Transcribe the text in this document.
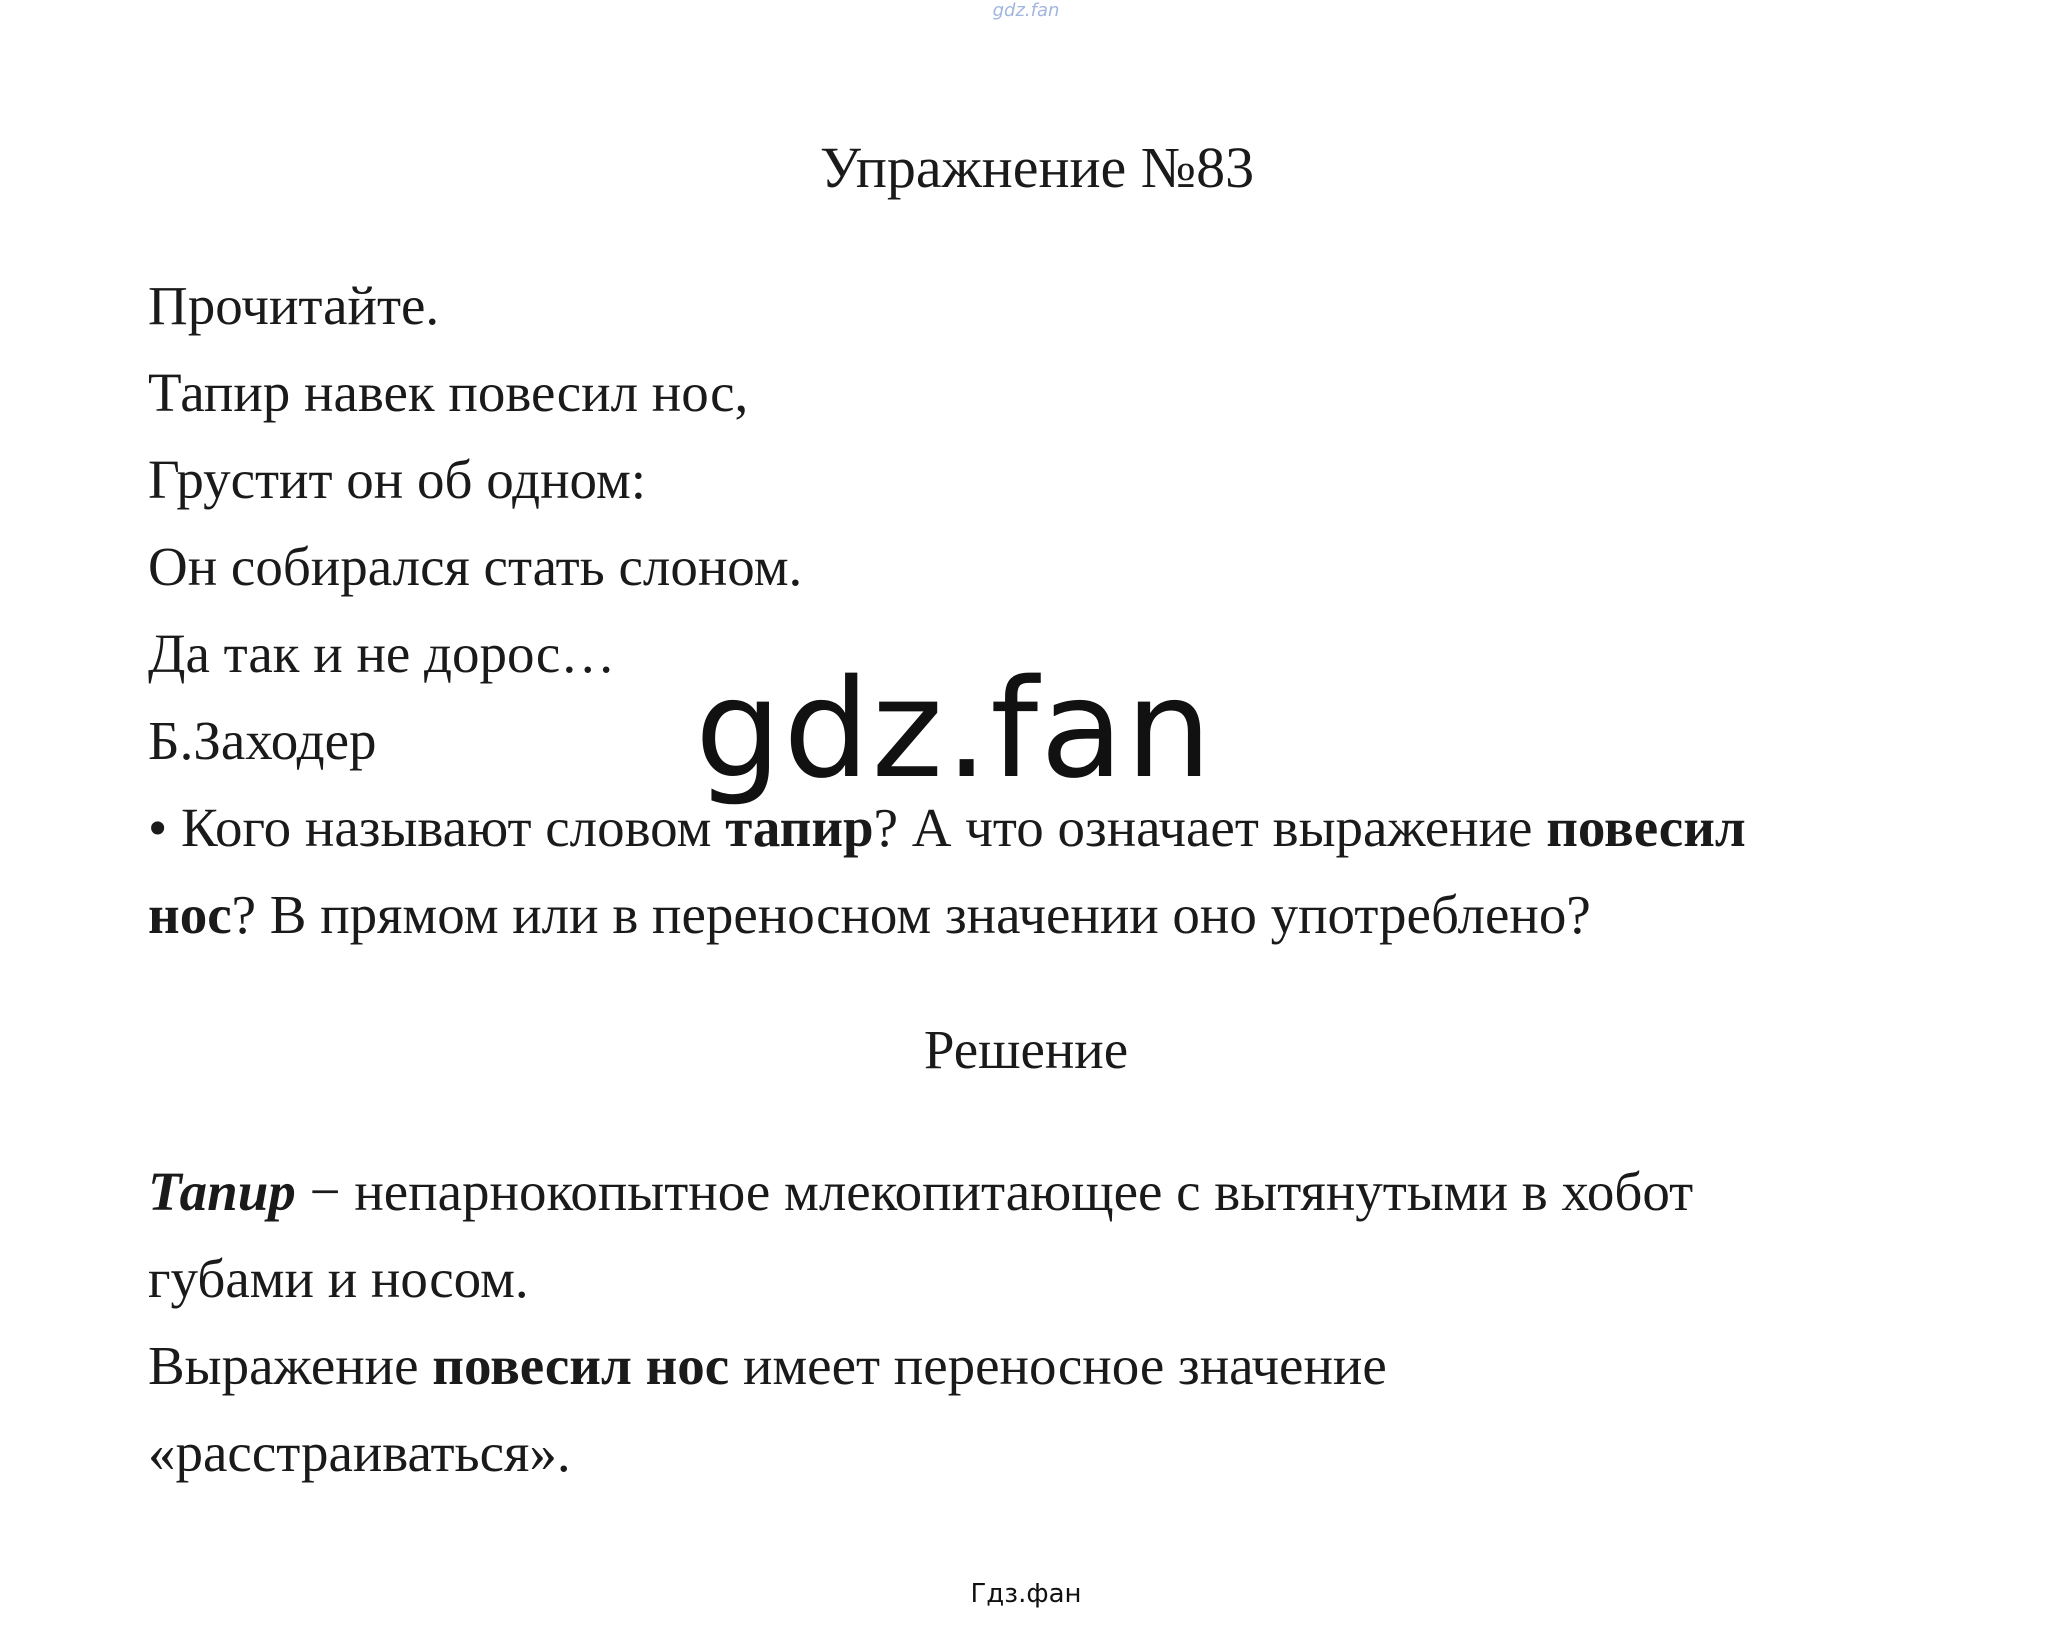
gdz.fan
Упражнение №83
Прочитайте.
Тапир навек повесил нос,
Грустит он об одном:
Он собирался стать слоном.
Да так и не дорос…
Б.Заходер
• Кого называют словом тапир? А что означает выражение повесил
нос? В прямом или в переносном значении оно употреблено?
gdz.fan
Решение
Тапир − непарнокопытное млекопитающее с вытянутыми в хобот
губами и носом.
Выражение повесил нос имеет переносное значение
«расстраиваться».
Гдз.фан
